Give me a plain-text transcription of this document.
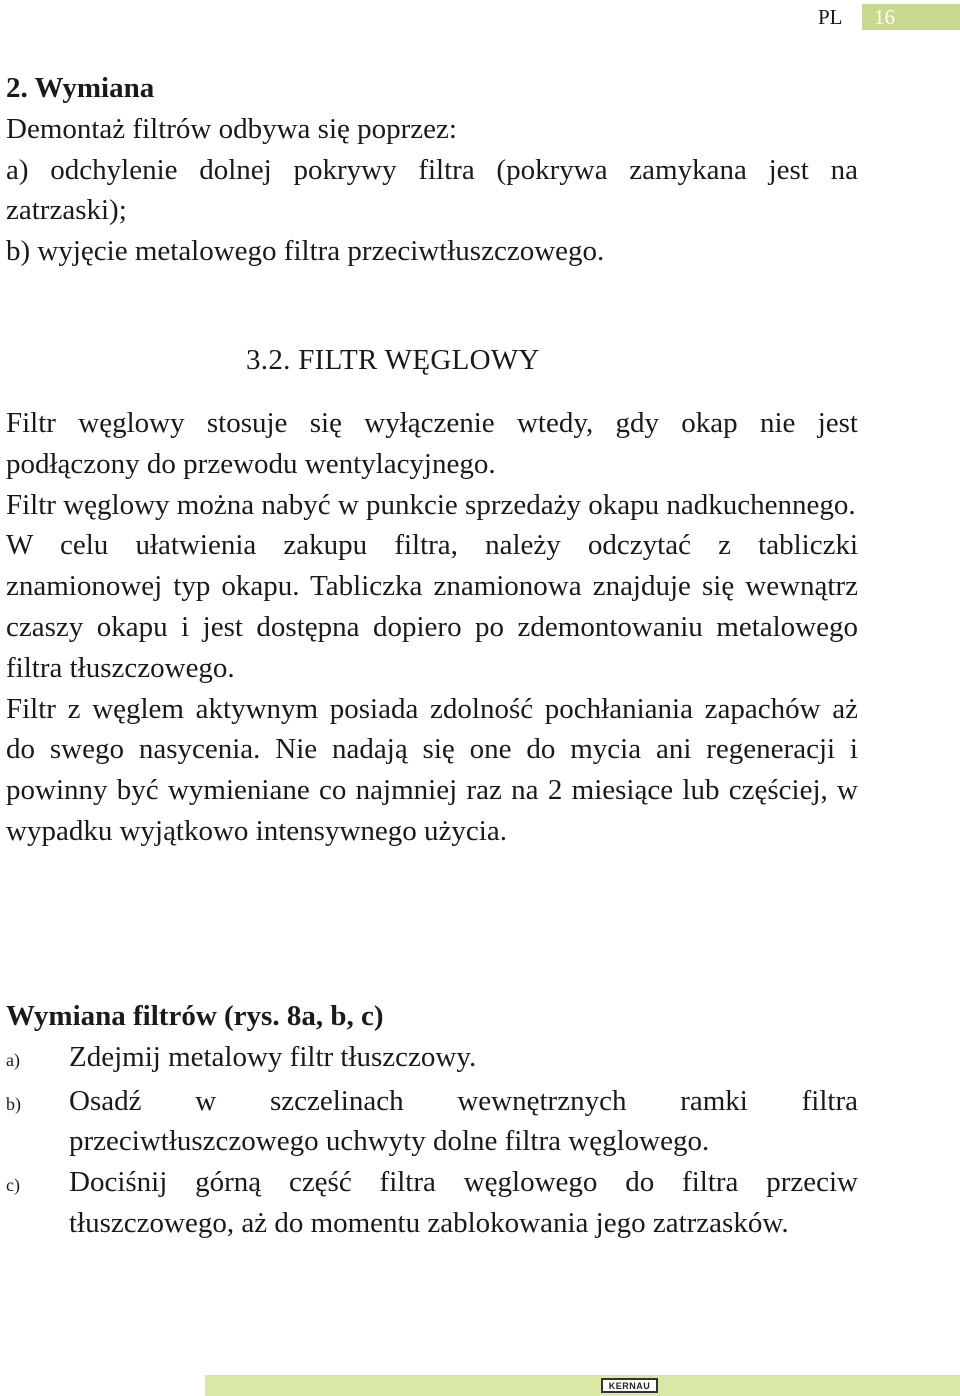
PL	16
2. Wymiana

Demontaż filtrów odbywa się poprzez:

a) odchylenie dolnej pokrywy filtra (pokrywa zamykana jest na zatrzaski);

b) wyjęcie metalowego filtra przeciwtłuszczowego.

3.2. FILTR WĘGLOWY

Filtr węglowy stosuje się wyłączenie wtedy, gdy okap nie jest podłączony do przewodu wentylacyjnego.

Filtr węglowy można nabyć w punkcie sprzedaży okapu nadkuchennego.

W celu ułatwienia zakupu filtra, należy odczytać z tabliczki znamionowej typ okapu. Tabliczka znamionowa znajduje się wewnątrz czaszy okapu i jest dostępna dopiero po zdemontowaniu metalowego filtra tłuszczowego.

Filtr z węglem aktywnym posiada zdolność pochłaniania zapachów aż do swego nasycenia. Nie nadają się one do mycia ani regeneracji i powinny być wymieniane co najmniej raz na 2 miesiące lub częściej, w wypadku wyjątkowo intensywnego użycia.

Wymiana filtrów (rys. 8a, b, c)
a)	Zdejmij metalowy filtr tłuszczowy.
b)	Osadź w szczelinach wewnętrznych ramki filtra przeciwtłuszczowego uchwyty dolne filtra węglowego.
c)	Dociśnij górną część filtra węglowego do filtra przeciw tłuszczowego, aż do momentu zablokowania jego zatrzasków.
KERNAU
